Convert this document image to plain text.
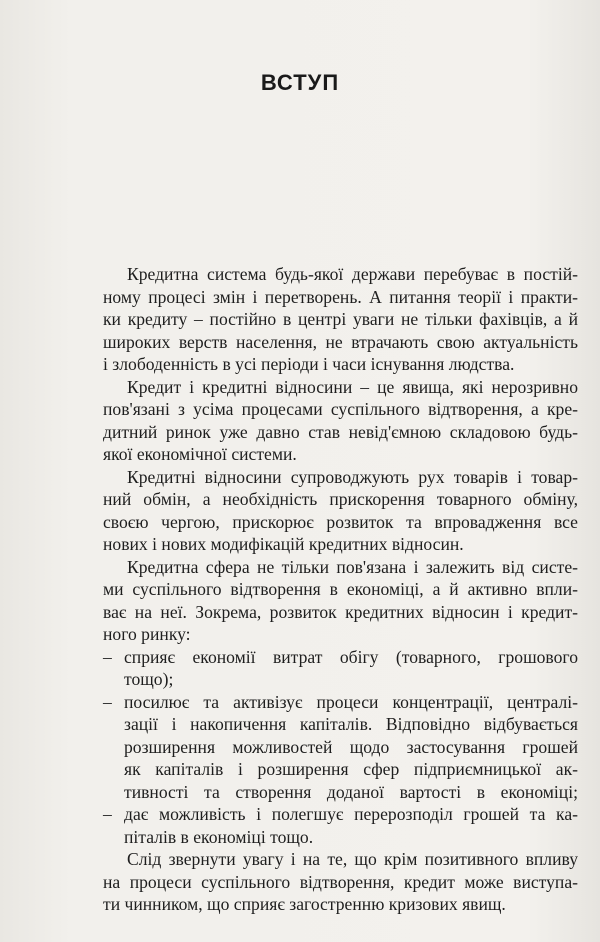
ВСТУП
Кредитна система будь-якої держави перебуває в постій-
ному процесі змін і перетворень. А питання теорії і практи-
ки кредиту – постійно в центрі уваги не тільки фахівців, а й
широких верств населення, не втрачають свою актуальність
і злободенність в усі періоди і часи існування людства.
Кредит і кредитні відносини – це явища, які нерозривно
пов'язані з усіма процесами суспільного відтворення, а кре-
дитний ринок уже давно став невід'ємною складовою будь-
якої економічної системи.
Кредитні відносини супроводжують рух товарів і товар-
ний обмін, а необхідність прискорення товарного обміну,
своєю чергою, прискорює розвиток та впровадження все
нових і нових модифікацій кредитних відносин.
Кредитна сфера не тільки пов'язана і залежить від систе-
ми суспільного відтворення в економіці, а й активно впли-
ває на неї. Зокрема, розвиток кредитних відносин і кредит-
ного ринку:
– сприяє економії витрат обігу (товарного, грошового
тощо);
– посилює та активізує процеси концентрації, централі-
зації і накопичення капіталів. Відповідно відбувається
розширення можливостей щодо застосування грошей
як капіталів і розширення сфер підприємницької ак-
тивності та створення доданої вартості в економіці;
– дає можливість і полегшує перерозподіл грошей та ка-
піталів в економіці тощо.
Слід звернути увагу і на те, що крім позитивного впливу
на процеси суспільного відтворення, кредит може виступа-
ти чинником, що сприяє загостренню кризових явищ.
